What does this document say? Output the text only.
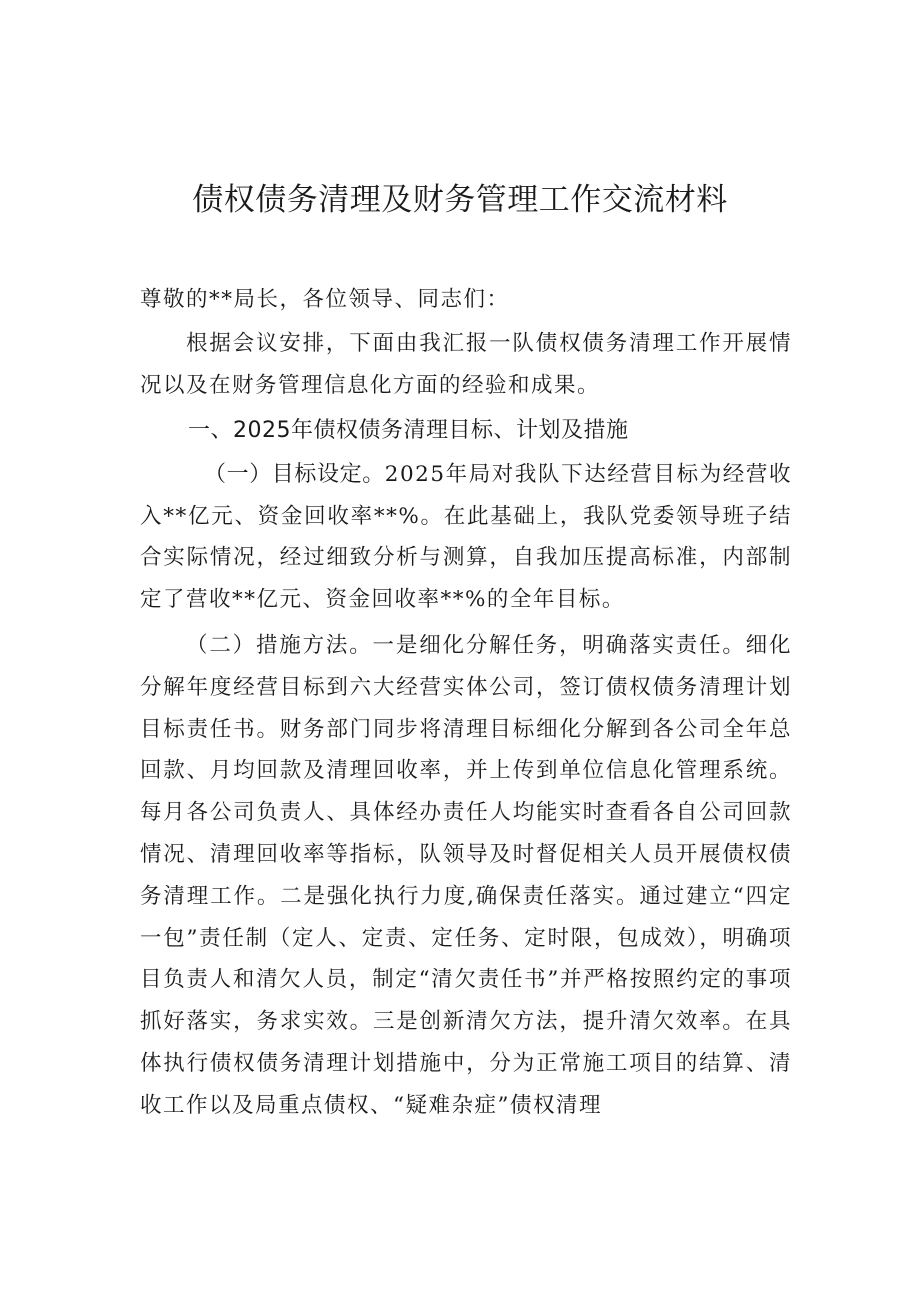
债权债务清理及财务管理工作交流材料

尊敬的**局长，各位领导、同志们：

根据会议安排，下面由我汇报一队债权债务清理工作开展情况以及在财务管理信息化方面的经验和成果。

一、2025年债权债务清理目标、计划及措施

（一）目标设定。2025年局对我队下达经营目标为经营收入**亿元、资金回收率**%。在此基础上，我队党委领导班子结合实际情况，经过细致分析与测算，自我加压提高标准，内部制定了营收**亿元、资金回收率**%的全年目标。

（二）措施方法。一是细化分解任务，明确落实责任。细化分解年度经营目标到六大经营实体公司，签订债权债务清理计划目标责任书。财务部门同步将清理目标细化分解到各公司全年总回款、月均回款及清理回收率，并上传到单位信息化管理系统。每月各公司负责人、具体经办责任人均能实时查看各自公司回款情况、清理回收率等指标，队领导及时督促相关人员开展债权债务清理工作。二是强化执行力度,确保责任落实。通过建立“四定一包”责任制（定人、定责、定任务、定时限，包成效），明确项目负责人和清欠人员，制定“清欠责任书”并严格按照约定的事项抓好落实，务求实效。三是创新清欠方法，提升清欠效率。在具体执行债权债务清理计划措施中，分为正常施工项目的结算、清收工作以及局重点债权、“疑难杂症”债权清理
